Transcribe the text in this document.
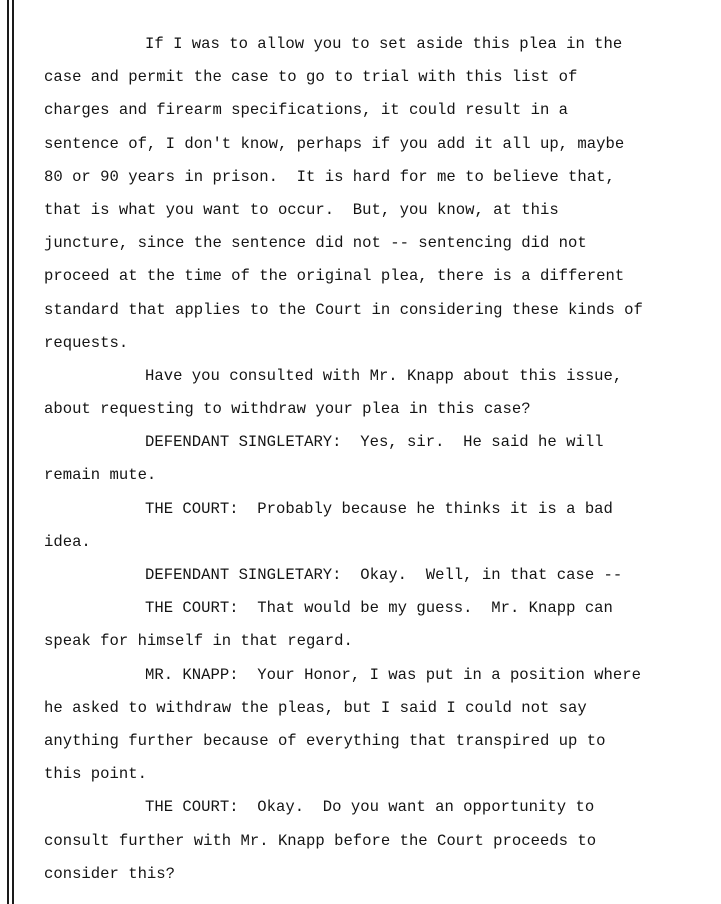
If I was to allow you to set aside this plea in the
case and permit the case to go to trial with this list of
charges and firearm specifications, it could result in a
sentence of, I don't know, perhaps if you add it all up, maybe
80 or 90 years in prison.  It is hard for me to believe that,
that is what you want to occur.  But, you know, at this
juncture, since the sentence did not -- sentencing did not
proceed at the time of the original plea, there is a different
standard that applies to the Court in considering these kinds of
requests.
Have you consulted with Mr. Knapp about this issue,
about requesting to withdraw your plea in this case?
DEFENDANT SINGLETARY:  Yes, sir.  He said he will
remain mute.
THE COURT:  Probably because he thinks it is a bad
idea.
DEFENDANT SINGLETARY:  Okay.  Well, in that case --
THE COURT:  That would be my guess.  Mr. Knapp can
speak for himself in that regard.
MR. KNAPP:  Your Honor, I was put in a position where
he asked to withdraw the pleas, but I said I could not say
anything further because of everything that transpired up to
this point.
THE COURT:  Okay.  Do you want an opportunity to
consult further with Mr. Knapp before the Court proceeds to
consider this?
